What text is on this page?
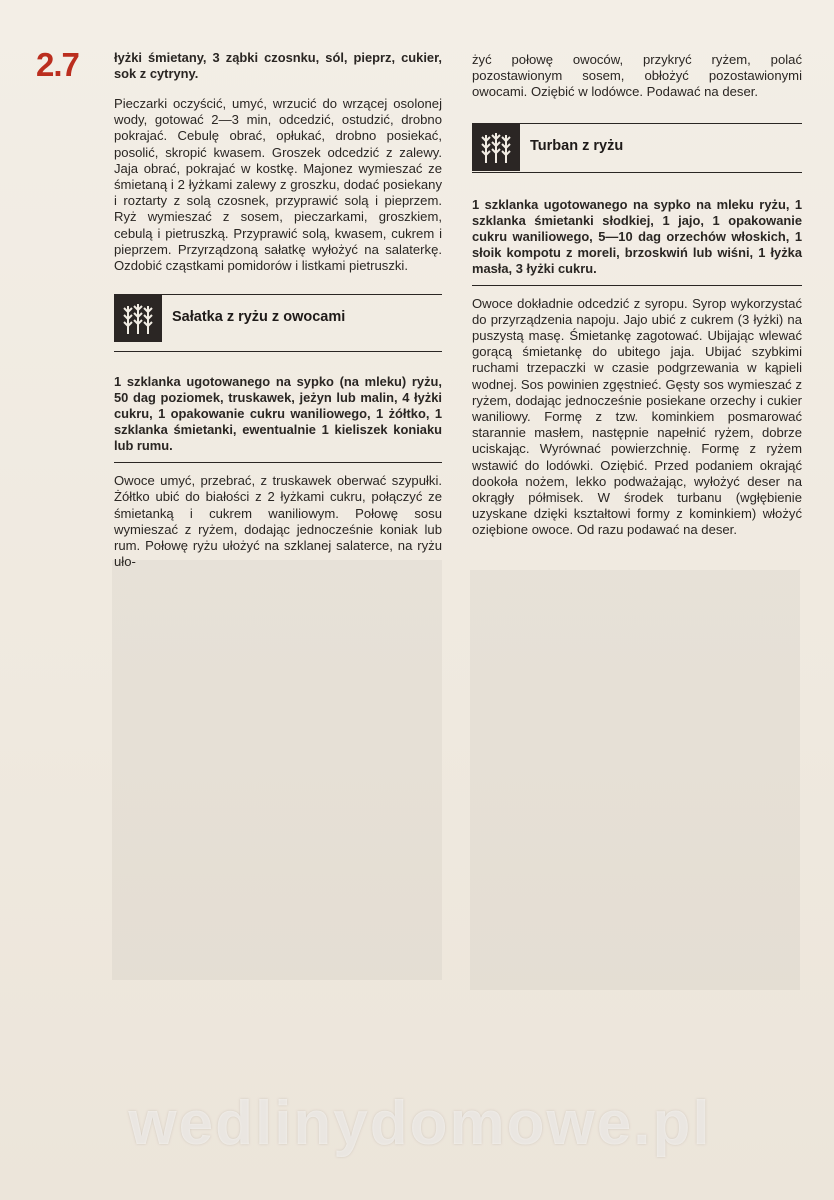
2.7	łyżki śmietany, 3 ząbki czosnku, sól, pieprz, cukier, sok z cytryny.

Pieczarki oczyścić, umyć, wrzucić do wrzącej osolonej wody, gotować 2—3 min, odcedzić, ostudzić, drobno pokrajać. Cebulę obrać, opłukać, drobno posiekać, posolić, skropić kwasem. Groszek odcedzić z zalewy. Jaja obrać, pokrajać w kostkę. Majonez wymieszać ze śmietaną i 2 łyżkami zalewy z groszku, dodać posiekany i roztarty z solą czosnek, przyprawić solą i pieprzem. Ryż wymieszać z sosem, pieczarkami, groszkiem, cebulą i pietruszką. Przyprawić solą, kwasem, cukrem i pieprzem. Przyrządzoną sałatkę wyłożyć na salaterkę. Ozdobić cząstkami pomidorów i listkami pietruszki.

Sałatka z ryżu z owocami

1 szklanka ugotowanego na sypko (na mleku) ryżu, 50 dag poziomek, truskawek, jeżyn lub malin, 4 łyżki cukru, 1 opakowanie cukru waniliowego, 1 żółtko, 1 szklanka śmietanki, ewentualnie 1 kieliszek koniaku lub rumu.

Owoce umyć, przebrać, z truskawek oberwać szypułki. Żółtko ubić do białości z 2 łyżkami cukru, połączyć ze śmietanką i cukrem waniliowym. Połowę sosu wymieszać z ryżem, dodając jednocześnie koniak lub rum. Połowę ryżu ułożyć na szklanej salaterce, na ryżu uło-

żyć połowę owoców, przykryć ryżem, polać pozostawionym sosem, obłożyć pozostawionymi owocami. Oziębić w lodówce. Podawać na deser.

Turban z ryżu

1 szklanka ugotowanego na sypko na mleku ryżu, 1 szklanka śmietanki słodkiej, 1 jajo, 1 opakowanie cukru waniliowego, 5—10 dag orzechów włoskich, 1 słoik kompotu z moreli, brzoskwiń lub wiśni, 1 łyżka masła, 3 łyżki cukru.

Owoce dokładnie odcedzić z syropu. Syrop wykorzystać do przyrządzenia napoju. Jajo ubić z cukrem (3 łyżki) na puszystą masę. Śmietankę zagotować. Ubijając wlewać gorącą śmietankę do ubitego jaja. Ubijać szybkimi ruchami trzepaczki w czasie podgrzewania w kąpieli wodnej. Sos powinien zgęstnieć. Gęsty sos wymieszać z ryżem, dodając jednocześnie posiekane orzechy i cukier waniliowy. Formę z tzw. kominkiem posmarować starannie masłem, następnie napełnić ryżem, dobrze uciskając. Wyrównać powierzchnię. Formę z ryżem wstawić do lodówki. Oziębić. Przed podaniem okrająć dookoła nożem, lekko podważając, wyłożyć deser na okrągły półmisek. W środek turbanu (wgłębienie uzyskane dzięki kształtowi formy z kominkiem) włożyć oziębione owoce. Od razu podawać na deser.

wedlinydomowe.pl
